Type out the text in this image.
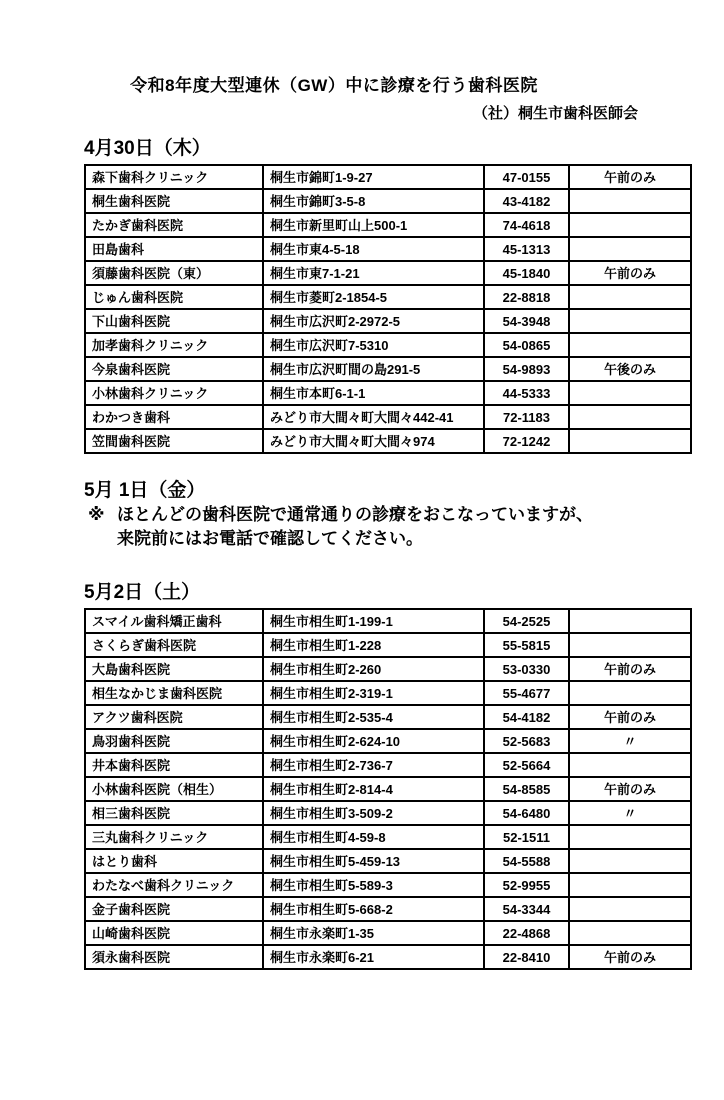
令和8年度大型連休（GW）中に診療を行う歯科医院
（社）桐生市歯科医師会
4月30日（木）
森下歯科クリニック	桐生市錦町1-9-27	47-0155	午前のみ
桐生歯科医院	桐生市錦町3-5-8	43-4182	
たかぎ歯科医院	桐生市新里町山上500-1	74-4618	
田島歯科	桐生市東4-5-18	45-1313	
須藤歯科医院（東）	桐生市東7-1-21	45-1840	午前のみ
じゅん歯科医院	桐生市菱町2-1854-5	22-8818	
下山歯科医院	桐生市広沢町2-2972-5	54-3948	
加孝歯科クリニック	桐生市広沢町7-5310	54-0865	
今泉歯科医院	桐生市広沢町間の島291-5	54-9893	午後のみ
小林歯科クリニック	桐生市本町6-1-1	44-5333	
わかつき歯科	みどり市大間々町大間々442-41	72-1183	
笠間歯科医院	みどり市大間々町大間々974	72-1242	
5月 1日（金）
※ ほとんどの歯科医院で通常通りの診療をおこなっていますが、
来院前にはお電話で確認してください。
5月2日（土）
スマイル歯科矯正歯科	桐生市相生町1-199-1	54-2525	
さくらぎ歯科医院	桐生市相生町1-228	55-5815	
大島歯科医院	桐生市相生町2-260	53-0330	午前のみ
相生なかじま歯科医院	桐生市相生町2-319-1	55-4677	
アクツ歯科医院	桐生市相生町2-535-4	54-4182	午前のみ
鳥羽歯科医院	桐生市相生町2-624-10	52-5683	〃
井本歯科医院	桐生市相生町2-736-7	52-5664	
小林歯科医院（相生）	桐生市相生町2-814-4	54-8585	午前のみ
相三歯科医院	桐生市相生町3-509-2	54-6480	〃
三丸歯科クリニック	桐生市相生町4-59-8	52-1511	
はとり歯科	桐生市相生町5-459-13	54-5588	
わたなべ歯科クリニック	桐生市相生町5-589-3	52-9955	
金子歯科医院	桐生市相生町5-668-2	54-3344	
山崎歯科医院	桐生市永楽町1-35	22-4868	
須永歯科医院	桐生市永楽町6-21	22-8410	午前のみ
